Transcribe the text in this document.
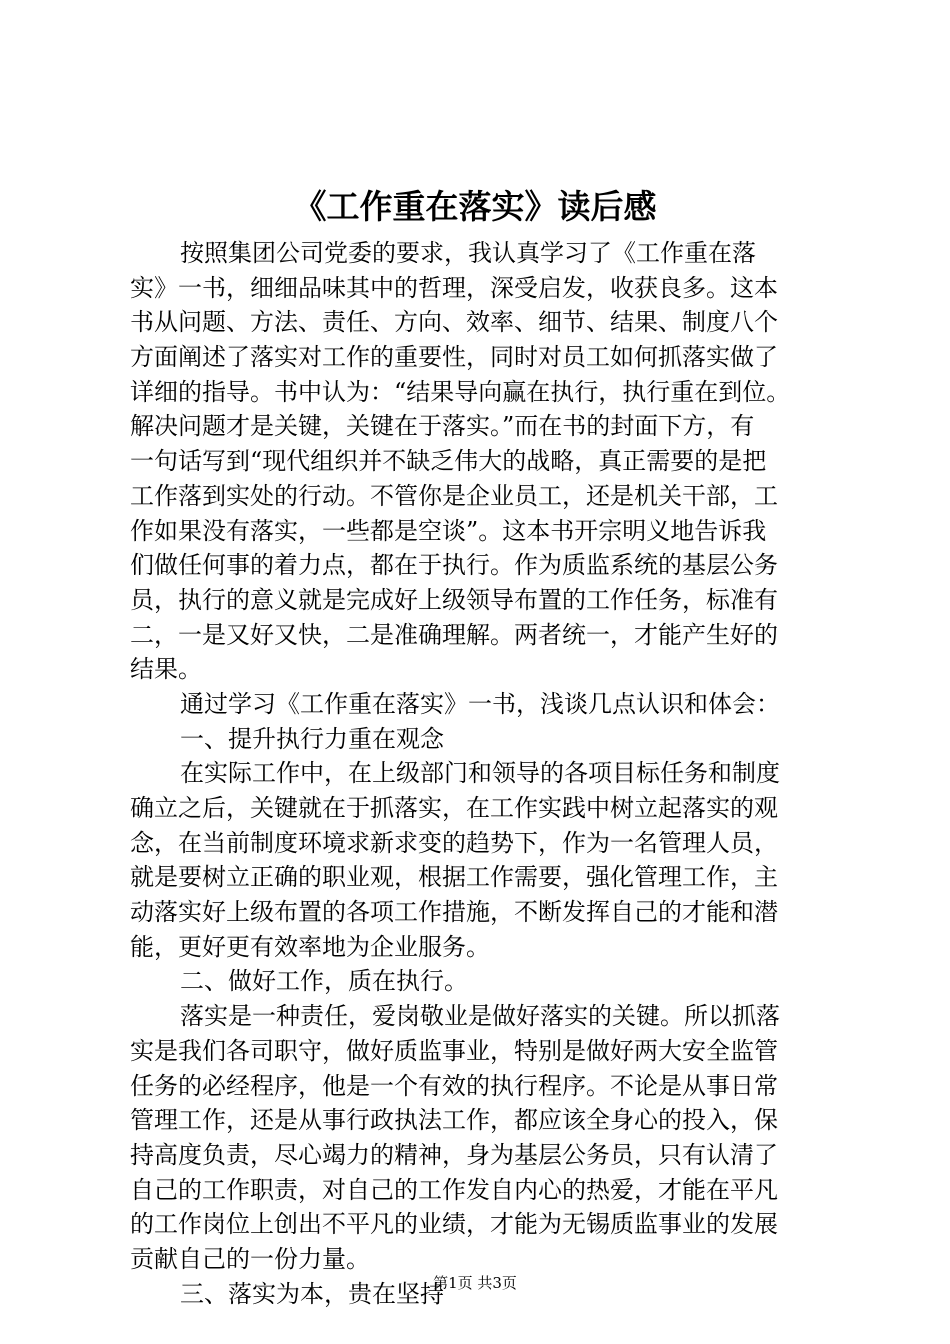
《工作重在落实》读后感
按照集团公司党委的要求，我认真学习了《工作重在落
实》一书，细细品味其中的哲理，深受启发，收获良多。这本
书从问题、方法、责任、方向、效率、细节、结果、制度八个
方面阐述了落实对工作的重要性，同时对员工如何抓落实做了
详细的指导。书中认为：“结果导向赢在执行，执行重在到位。
解决问题才是关键，关键在于落实。”而在书的封面下方，有
一句话写到“现代组织并不缺乏伟大的战略，真正需要的是把
工作落到实处的行动。不管你是企业员工，还是机关干部，工
作如果没有落实，一些都是空谈”。这本书开宗明义地告诉我
们做任何事的着力点，都在于执行。作为质监系统的基层公务
员，执行的意义就是完成好上级领导布置的工作任务，标准有
二，一是又好又快，二是准确理解。两者统一，才能产生好的
结果。
通过学习《工作重在落实》一书，浅谈几点认识和体会：
一、提升执行力重在观念
在实际工作中，在上级部门和领导的各项目标任务和制度
确立之后，关键就在于抓落实，在工作实践中树立起落实的观
念，在当前制度环境求新求变的趋势下，作为一名管理人员，
就是要树立正确的职业观，根据工作需要，强化管理工作，主
动落实好上级布置的各项工作措施，不断发挥自己的才能和潜
能，更好更有效率地为企业服务。
二、做好工作，质在执行。
落实是一种责任，爱岗敬业是做好落实的关键。所以抓落
实是我们各司职守，做好质监事业，特别是做好两大安全监管
任务的必经程序，他是一个有效的执行程序。不论是从事日常
管理工作，还是从事行政执法工作，都应该全身心的投入，保
持高度负责，尽心竭力的精神，身为基层公务员，只有认清了
自己的工作职责，对自己的工作发自内心的热爱，才能在平凡
的工作岗位上创出不平凡的业绩，才能为无锡质监事业的发展
贡献自己的一份力量。
三、落实为本，贵在坚持
第1页 共3页
